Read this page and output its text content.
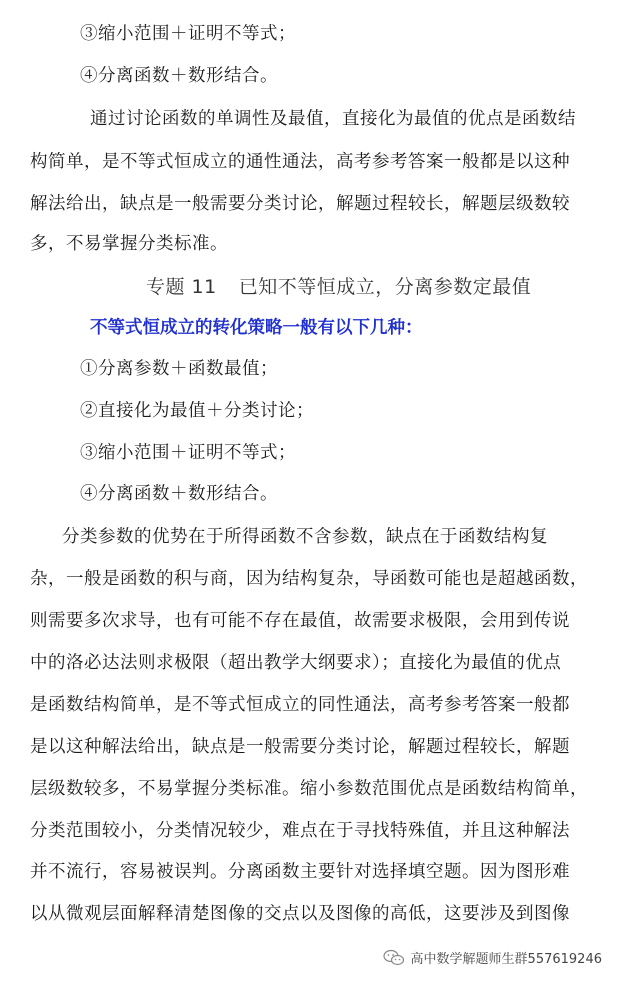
③缩小范围＋证明不等式；
④分离函数＋数形结合。
通过讨论函数的单调性及最值，直接化为最值的优点是函数结
构简单，是不等式恒成立的通性通法，高考参考答案一般都是以这种
解法给出，缺点是一般需要分类讨论，解题过程较长，解题层级数较
多，不易掌握分类标准。
专题 11 已知不等恒成立，分离参数定最值
不等式恒成立的转化策略一般有以下几种：
①分离参数＋函数最值；
②直接化为最值＋分类讨论；
③缩小范围＋证明不等式；
④分离函数＋数形结合。
分类参数的优势在于所得函数不含参数，缺点在于函数结构复
杂，一般是函数的积与商，因为结构复杂，导函数可能也是超越函数，
则需要多次求导，也有可能不存在最值，故需要求极限，会用到传说
中的洛必达法则求极限（超出教学大纲要求）；直接化为最值的优点
是函数结构简单，是不等式恒成立的同性通法，高考参考答案一般都
是以这种解法给出，缺点是一般需要分类讨论，解题过程较长，解题
层级数较多，不易掌握分类标准。缩小参数范围优点是函数结构简单，
分类范围较小，分类情况较少，难点在于寻找特殊值，并且这种解法
并不流行，容易被误判。分离函数主要针对选择填空题。因为图形难
以从微观层面解释清楚图像的交点以及图像的高低，这要涉及到图像
高中数学解题师生群557619246
